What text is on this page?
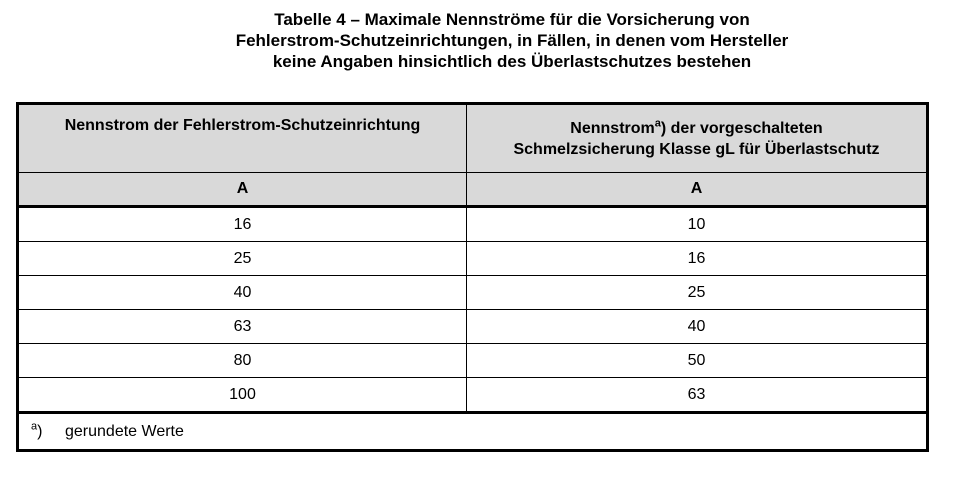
Tabelle 4 – Maximale Nennströme für die Vorsicherung von
Fehlerstrom-Schutzeinrichtungen, in Fällen, in denen vom Hersteller
keine Angaben hinsichtlich des Überlastschutzes bestehen
Nennstrom der Fehlerstrom-Schutzeinrichtung	Nennstrom$^a$) der vorgeschalteten
Schmelzsicherung Klasse gL für Überlastschutz
A	A
16	10
25	16
40	25
63	40
80	50
100	63
$^a$) gerundete Werte	
